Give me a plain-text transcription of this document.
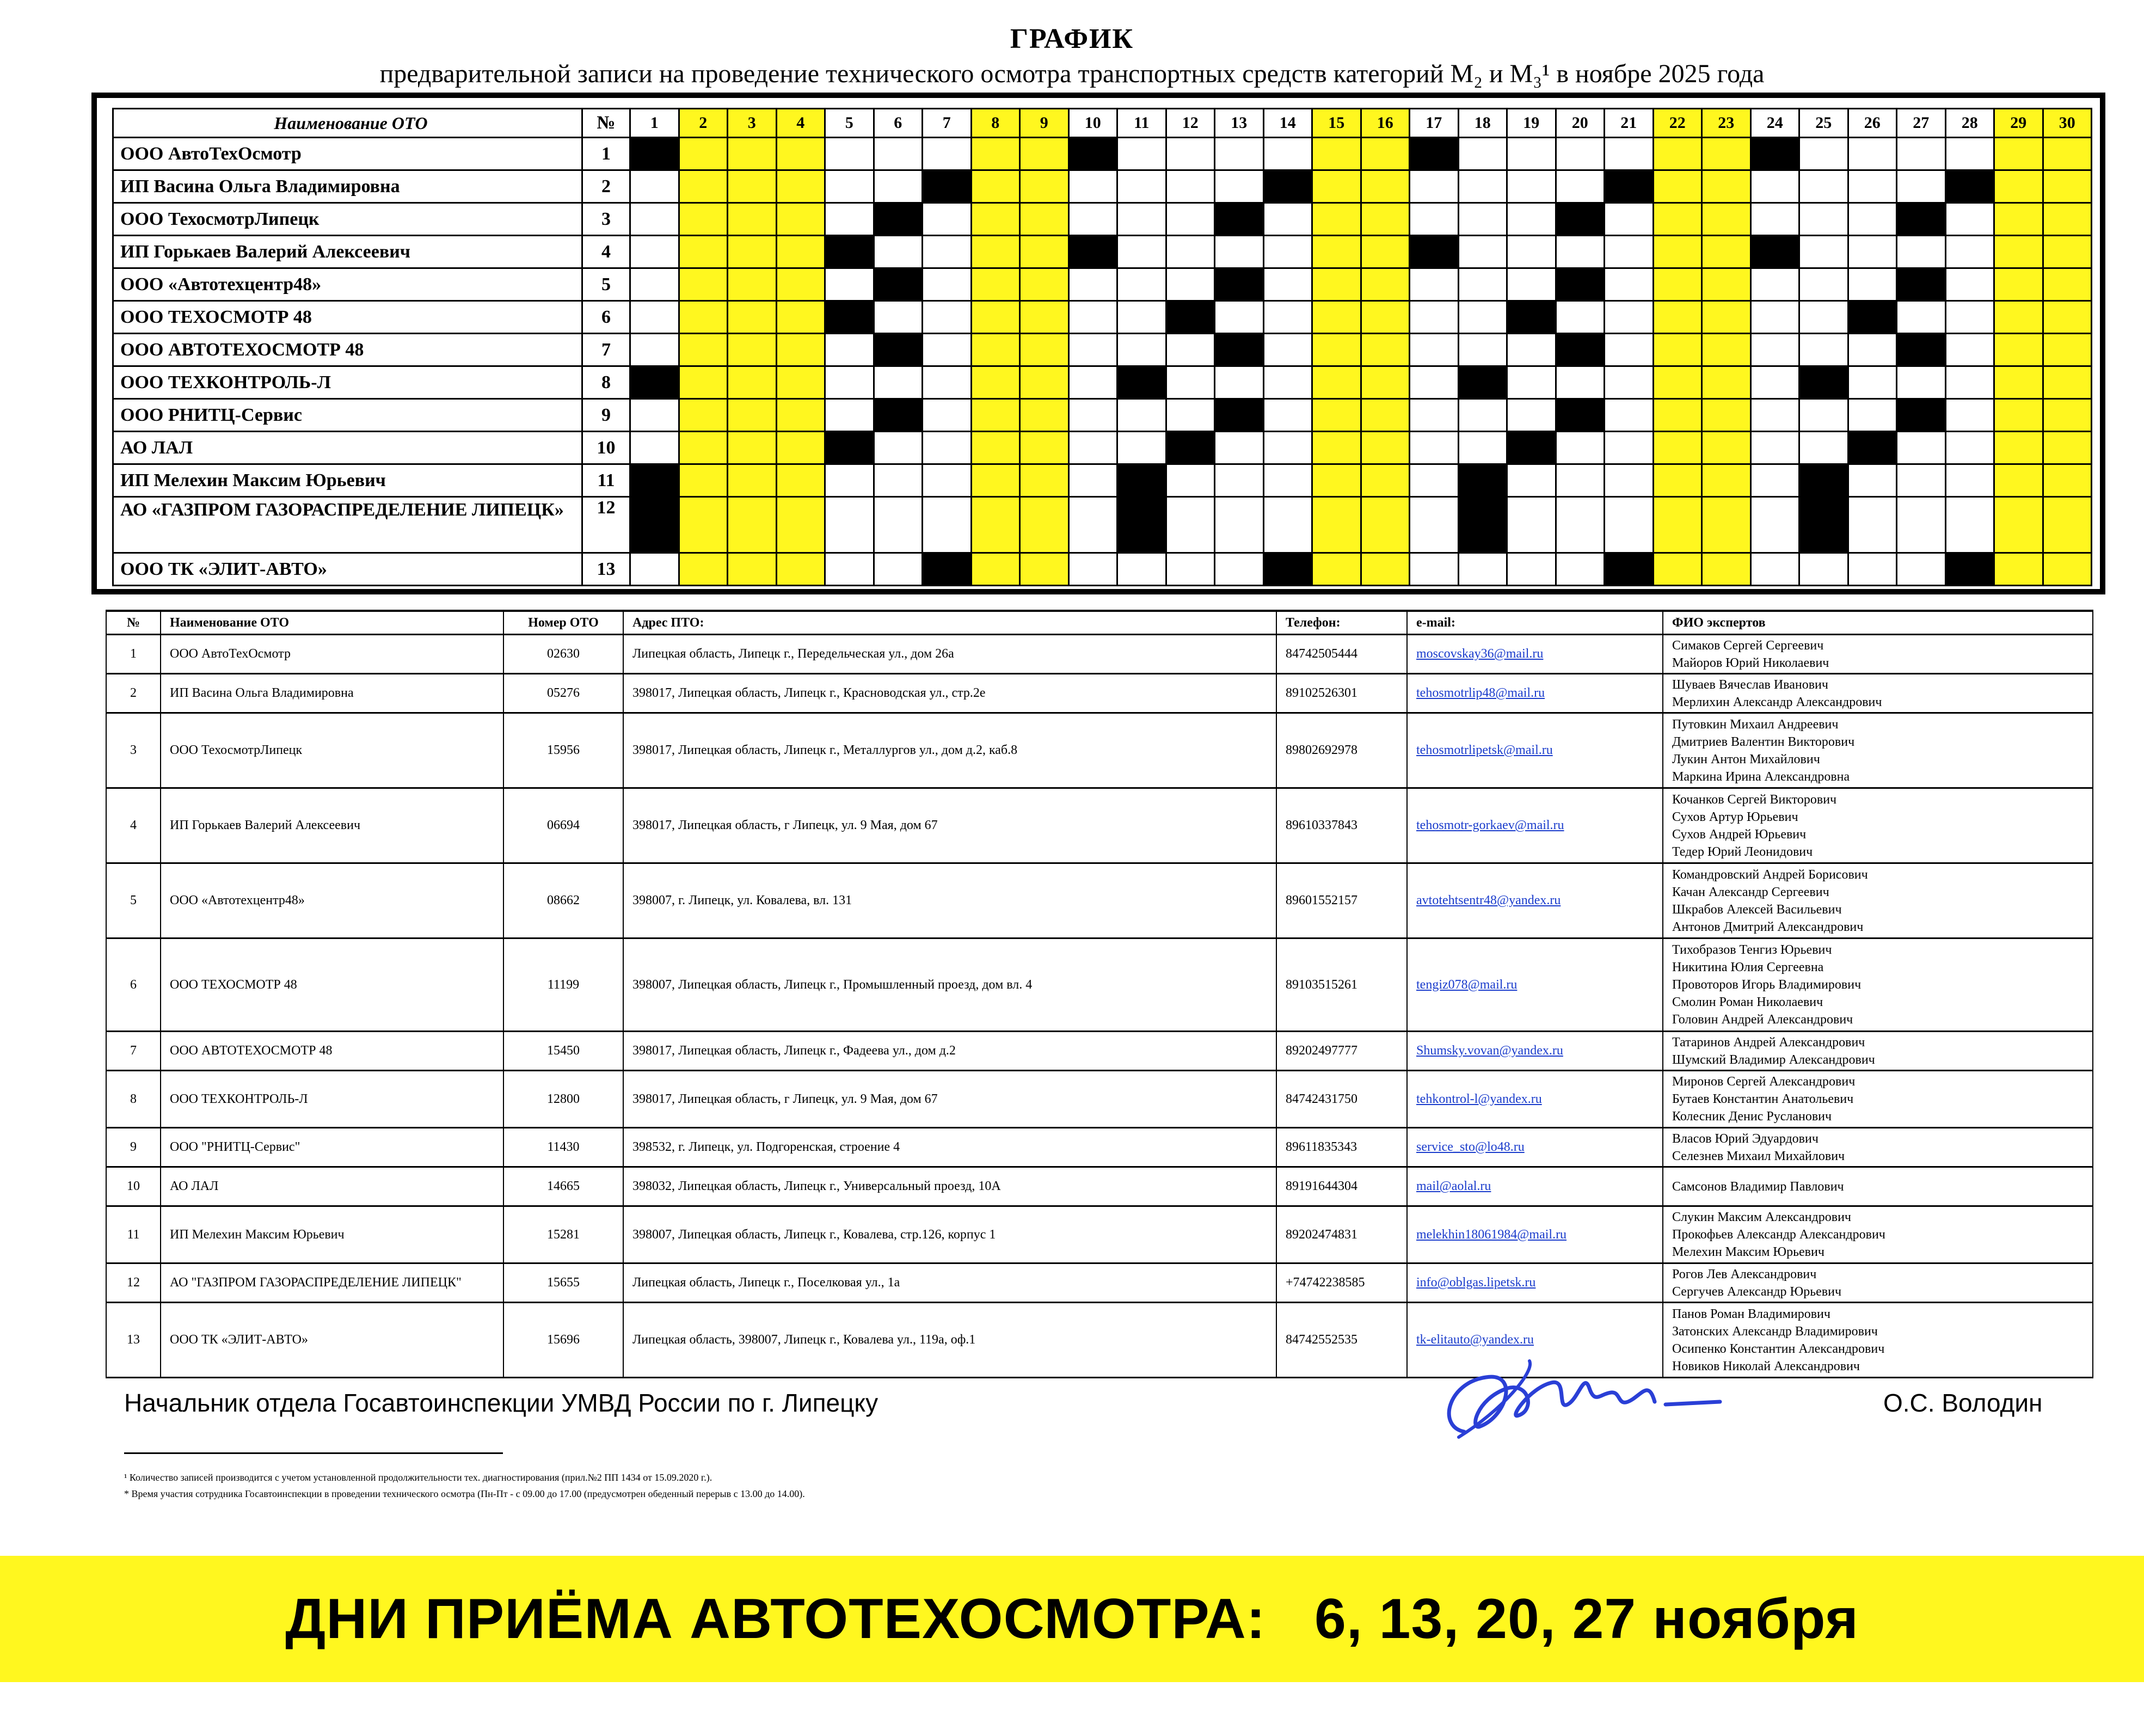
ГРАФИК
предварительной записи на проведение технического осмотра транспортных средств категорий M₂ и M₃¹ в ноябре 2025 года
Наименование ОТО	№	1	2	3	4	5	6	7	8	9	10	11	12	13	14	15	16	17	18	19	20	21	22	23	24	25	26	27	28	29	30
ООО АвтоТехОсмотр	1																														
ИП Васина Ольга Владимировна	2																														
ООО ТехосмотрЛипецк	3																														
ИП Горькаев Валерий Алексеевич	4																														
ООО «Автотехцентр48»	5																														
ООО ТЕХОСМОТР 48	6																														
ООО АВТОТЕХОСМОТР 48	7																														
ООО ТЕХКОНТРОЛЬ-Л	8																														
ООО РНИТЦ-Сервис	9																														
АО ЛАЛ	10																														
ИП Мелехин Максим Юрьевич	11																														
АО «ГАЗПРОМ ГАЗОРАСПРЕДЕЛЕНИЕ ЛИПЕЦК»	12																														
ООО ТК «ЭЛИТ-АВТО»	13																														
№	Наименование ОТО	Номер ОТО	Адрес ПТО:	Телефон:	e-mail:	ФИО экспертов
1	ООО АвтоТехОсмотр	02630	Липецкая область, Липецк г., Передельческая ул., дом 26а	84742505444	moscovskay36@mail.ru	Симаков Сергей Сергеевич
Майоров Юрий Николаевич

2	ИП Васина Ольга Владимировна	05276	398017, Липецкая область, Липецк г., Красноводская ул., стр.2е	89102526301	tehosmotrlip48@mail.ru	Шуваев Вячеслав Иванович
Мерлихин Александр Александрович

3	ООО ТехосмотрЛипецк	15956	398017, Липецкая область, Липецк г., Металлургов ул., дом д.2, каб.8	89802692978	tehosmotrlipetsk@mail.ru	Путовкин Михаил Андреевич
Дмитриев Валентин Викторович
Лукин Антон Михайлович
Маркина Ирина Александровна

4	ИП Горькаев Валерий Алексеевич	06694	398017, Липецкая область, г Липецк, ул. 9 Мая, дом 67	89610337843	tehosmotr-gorkaev@mail.ru	Кочанков Сергей Викторович
Сухов Артур Юрьевич
Сухов Андрей Юрьевич
Тедер Юрий Леонидович

5	ООО «Автотехцентр48»	08662	398007, г. Липецк, ул. Ковалева, вл. 131	89601552157	avtotehtsentr48@yandex.ru	Командровский Андрей Борисович
Качан Александр Сергеевич
Шкрабов Алексей Васильевич
Антонов Дмитрий Александрович

6	ООО ТЕХОСМОТР 48	11199	398007, Липецкая область, Липецк г., Промышленный проезд, дом вл. 4	89103515261	tengiz078@mail.ru	Тихобразов Тенгиз Юрьевич
Никитина Юлия Сергеевна
Провоторов Игорь Владимирович
Смолин Роман Николаевич
Головин Андрей Александрович

7	ООО АВТОТЕХОСМОТР 48	15450	398017, Липецкая область, Липецк г., Фадеева ул., дом д.2	89202497777	Shumsky.vovan@yandex.ru	Татаринов Андрей Александрович
Шумский Владимир Александрович

8	ООО ТЕХКОНТРОЛЬ-Л	12800	398017, Липецкая область, г Липецк, ул. 9 Мая, дом 67	84742431750	tehkontrol-l@yandex.ru	Миронов Сергей Александрович
Бутаев Константин Анатольевич
Колесник Денис Русланович

9	ООО "РНИТЦ-Сервис"	11430	398532, г. Липецк, ул. Подгоренская, строение 4	89611835343	service_sto@lo48.ru	Власов Юрий Эдуардович
Селезнев Михаил Михайлович

10	АО ЛАЛ	14665	398032, Липецкая область, Липецк г., Универсальный проезд, 10А	89191644304	mail@aolal.ru	Самсонов Владимир Павлович

11	ИП Мелехин Максим Юрьевич	15281	398007, Липецкая область, Липецк г., Ковалева, стр.126, корпус 1	89202474831	melekhin18061984@mail.ru	Слукин Максим Александрович
Прокофьев Александр Александрович
Мелехин Максим Юрьевич

12	АО "ГАЗПРОМ ГАЗОРАСПРЕДЕЛЕНИЕ ЛИПЕЦК"	15655	Липецкая область, Липецк г., Поселковая ул., 1а	+74742238585	info@oblgas.lipetsk.ru	Рогов Лев Александрович
Сергучев Александр Юрьевич

13	ООО ТК «ЭЛИТ-АВТО»	15696	Липецкая область, 398007, Липецк г., Ковалева ул., 119а, оф.1	84742552535	tk-elitauto@yandex.ru	Панов Роман Владимирович
Затонских Александр Владимирович
Осипенко Константин Александрович
Новиков Николай Александрович
Начальник отдела Госавтоинспекции УМВД России по г. Липецку	О.С. Володин
¹ Количество записей производится с учетом установленной продолжительности тех. диагностирования (прил.№2 ПП 1434 от 15.09.2020 г.).
* Время участия сотрудника Госавтоинспекции в проведении технического осмотра (Пн-Пт - с 09.00 до 17.00 (предусмотрен обеденный перерыв с 13.00 до 14.00).
ДНИ ПРИЁМА АВТОТЕХОСМОТРА:   6, 13, 20, 27 ноября
